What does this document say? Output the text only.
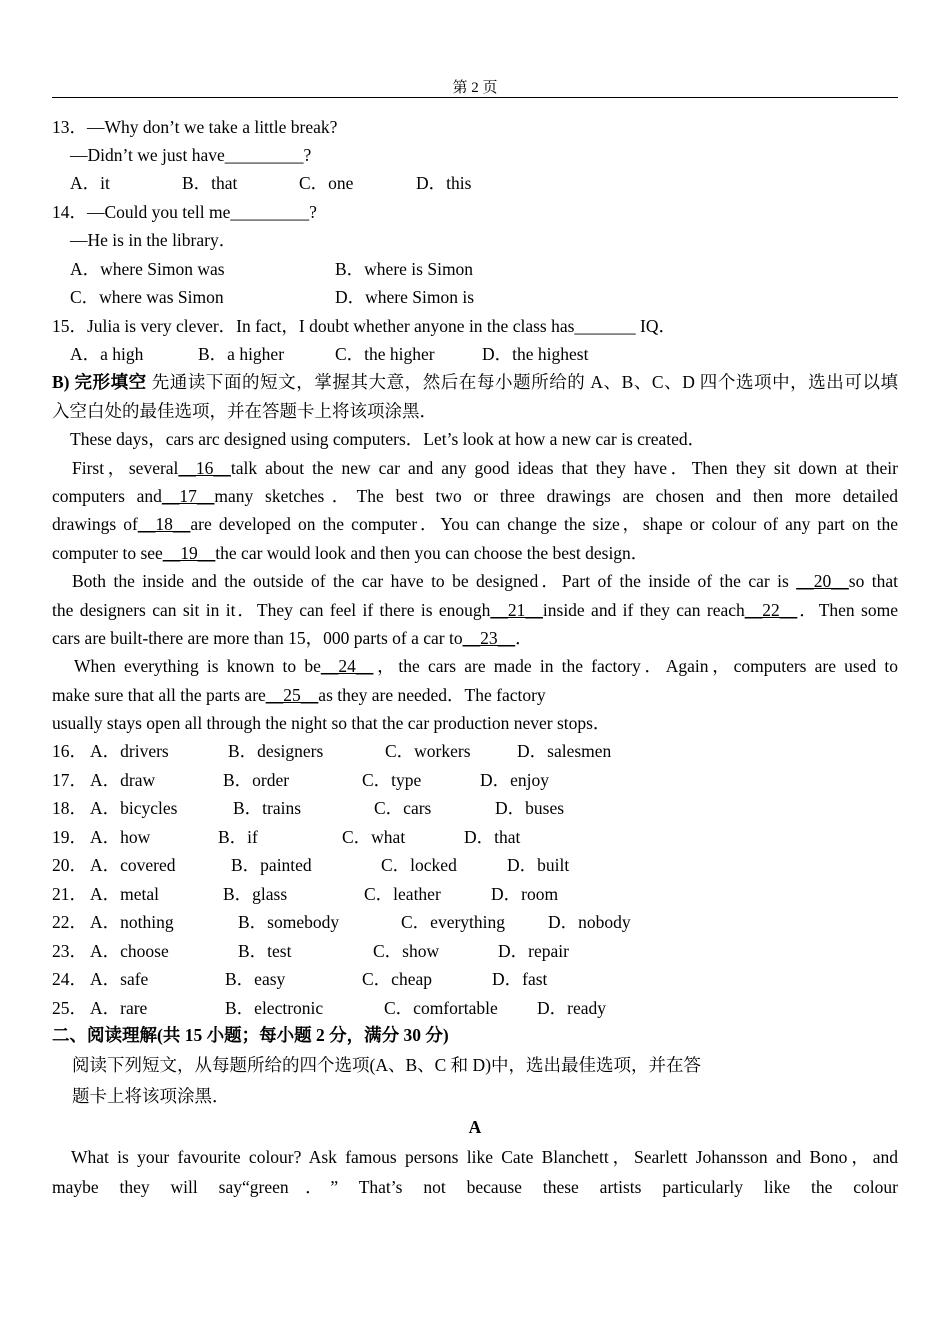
第 2 页
13．—Why don’t we take a little break?
—Didn’t we just have_________?
A．it	B．that	C．one	D．this
14．—Could you tell me_________?
—He is in the library．
A．where Simon was	B．where is Simon
C．where was Simon	D．where Simon is
15．Julia is very clever．In fact，I doubt whether anyone in the class has_______ IQ．
A．a high	B．a higher	C．the higher	D．the highest
B) 完形填空 先通读下面的短文，掌握其大意，然后在每小题所给的 A、B、C、D 四个选项中，选出可以填
入空白处的最佳选项，并在答题卡上将该项涂黑．
These days，cars arc designed using computers．Let’s look at how a new car is created．
First，several__16__talk about the new car and any good ideas that they have．Then they sit down at their
computers and__17__many sketches．The best two or three drawings are chosen and then more detailed
drawings of__18__are developed on the computer．You can change the size，shape or colour of any part on the
computer to see__19__the car would look and then you can choose the best design．
Both the inside and the outside of the car have to be designed．Part of the inside of the car is __20__so that
the designers can sit in it．They can feel if there is enough__21__inside and if they can reach__22__．Then some
cars are built-there are more than 15，000 parts of a car to__23__．
When everything is known to be__24__，the cars are made in the factory．Again，computers are used to
make sure that all the parts are__25__as they are needed．The factory
usually stays open all through the night so that the car production never stops．
16． A．drivers	B．designers	C．workers	D．salesmen
17． A．draw	B．order	C．type	D．enjoy
18． A．bicycles	B．trains	C．cars	D．buses
19． A．how	B．if	C．what	D．that
20． A．covered	B．painted	C．locked	D．built
21． A．metal	B．glass	C．leather	D．room
22． A．nothing	B．somebody	C．everything D．nobody
23． A．choose	B．test	C．show	D．repair
24． A．safe	B．easy	C．cheap	D．fast
25． A．rare	B．electronic	C．comfortable D．ready
二、阅读理解(共 15 小题；每小题 2 分，满分 30 分)
阅读下列短文，从每题所给的四个选项(A、B、C 和 D)中，选出最佳选项，并在答
题卡上将该项涂黑．
A
What is your favourite colour? Ask famous persons like Cate Blanchett，Searlett Johansson and Bono，and
maybe they will say“green．” That’s not because these artists particularly like the colour
